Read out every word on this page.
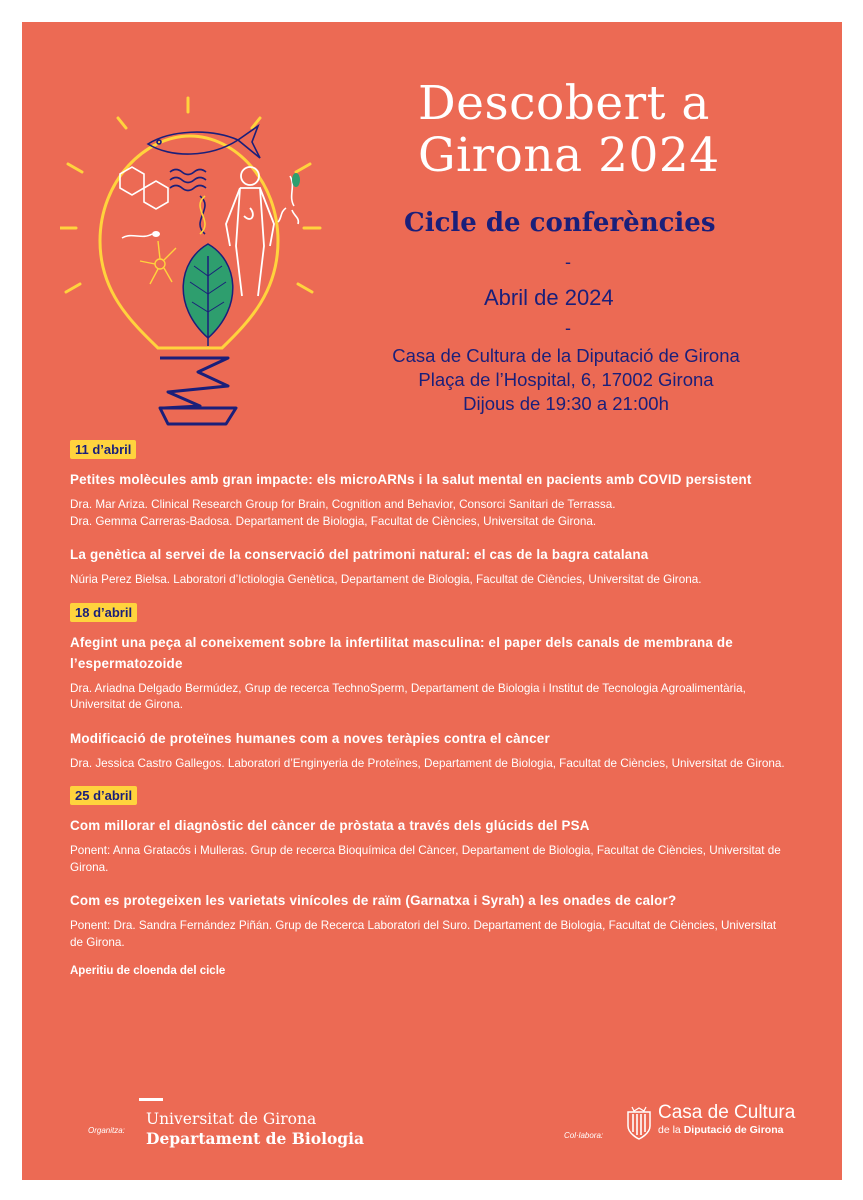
Descobert a
Girona 2024
Cicle de conferències
-
Abril de 2024
-
Casa de Cultura de la Diputació de Girona
Plaça de l’Hospital, 6, 17002 Girona
Dijous de 19:30 a 21:00h
11 d’abril
Petites molècules amb gran impacte: els microARNs i la salut mental en pacients amb COVID persistent
Dra. Mar Ariza. Clinical Research Group for Brain, Cognition and Behavior, Consorci Sanitari de Terrassa.
Dra. Gemma Carreras-Badosa. Departament de Biologia, Facultat de Ciències, Universitat de Girona.
La genètica al servei de la conservació del patrimoni natural: el cas de la bagra catalana
Núria Perez Bielsa. Laboratori d’Ictiologia Genètica, Departament de Biologia, Facultat de Ciències, Universitat de Girona.
18 d’abril
Afegint una peça al coneixement sobre la infertilitat masculina: el paper dels canals de membrana de l’espermatozoide
Dra. Ariadna Delgado Bermúdez, Grup de recerca TechnoSperm, Departament de Biologia i Institut de Tecnologia Agroalimentària, Universitat de Girona.
Modificació de proteïnes humanes com a noves teràpies contra el càncer
Dra. Jessica Castro Gallegos. Laboratori d’Enginyeria de Proteïnes, Departament de Biologia, Facultat de Ciències, Universitat de Girona.
25 d’abril
Com millorar el diagnòstic del càncer de pròstata a través dels glúcids del PSA
Ponent: Anna Gratacós i Mulleras. Grup de recerca Bioquímica del Càncer, Departament de Biologia, Facultat de Ciències, Universitat de Girona.
Com es protegeixen les varietats vinícoles de raïm (Garnatxa i Syrah) a les onades de calor?
Ponent: Dra. Sandra Fernández Piñán. Grup de Recerca Laboratori del Suro. Departament de Biologia, Facultat de Ciències, Universitat de Girona.
Aperitiu de cloenda del cicle
Organitza:
Universitat de Girona
Departament de Biologia	Col·labora:
Casa de Cultura
de la Diputació de Girona
